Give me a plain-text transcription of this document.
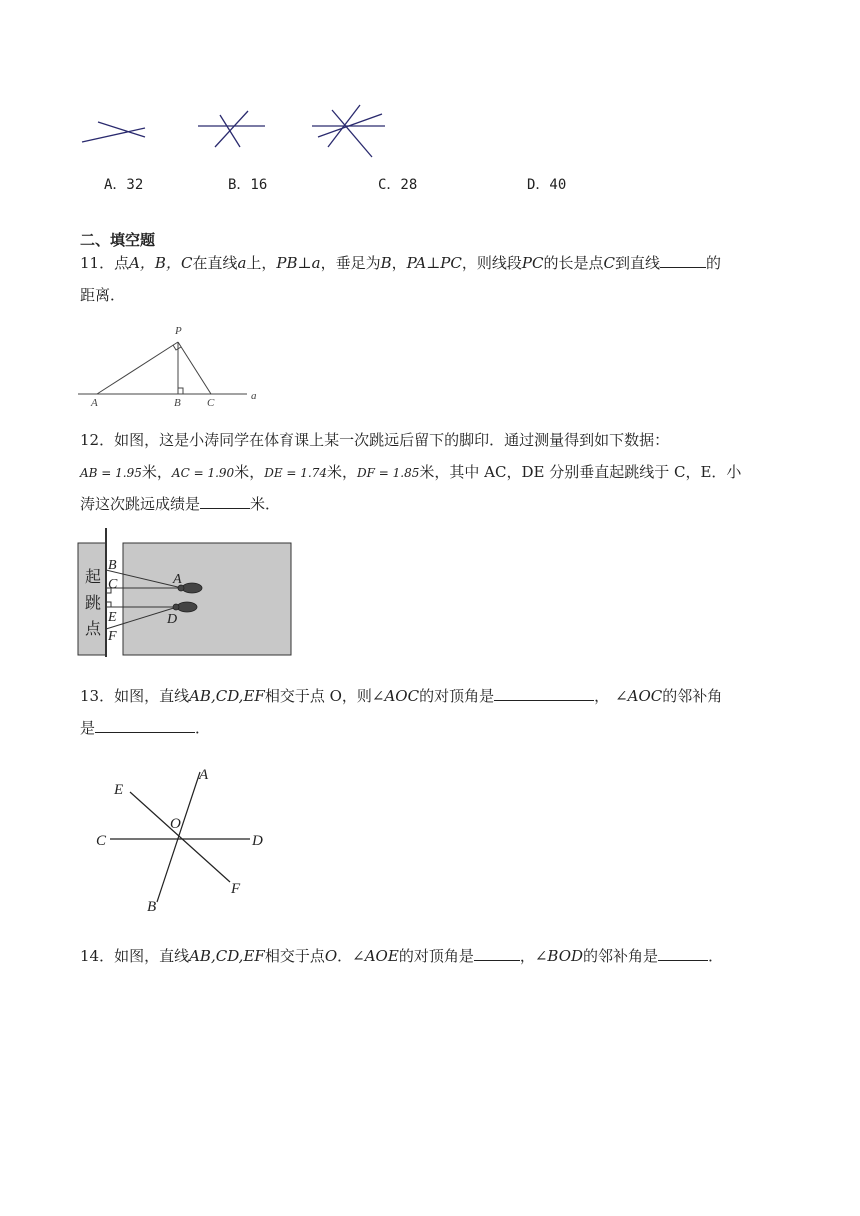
A．32	B．16	C．28	D．40
二、填空题
11．点A，B，C在直线a上，PB⊥a，垂足为B，PA⊥PC，则线段PC的长是点C到直线	的
距离．
P
A	B C
a
12．如图，这是小涛同学在体育课上某一次跳远后留下的脚印．通过测量得到如下数据：
AB = 1.95米，AC = 1.90米，DE = 1.74米，DF = 1.85米，其中 AC，DE 分别垂直起跳线于 C，E．小
涛这次跳远成绩是	米．
起
跳
点
B
C
E
F
A
D
13．如图，直线AB,CD,EF相交于点 O，则∠AOC的对顶角是	， ∠AOC的邻补角
是	．
A
E
O
C	D
F
B
14．如图，直线AB,CD,EF相交于点O．∠AOE的对顶角是	，∠BOD的邻补角是	．
